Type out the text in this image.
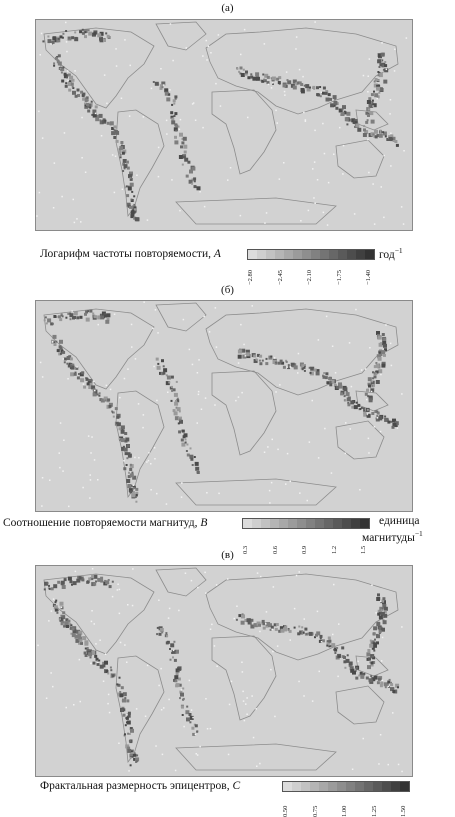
(а)
Логарифм частоты повторяемости, A	год$^{-1}$
−2.80	−2.45	−2.10	−1.75	−1.40
(б)
Соотношение повторяемости магнитуд, B	единица
магнитуды$^{-1}$
0.3	0.6	0.9	1.2	1.5
(в)
Фрактальная размерность эпицентров, C
0.50	0.75	1.00	1.25	1.50
